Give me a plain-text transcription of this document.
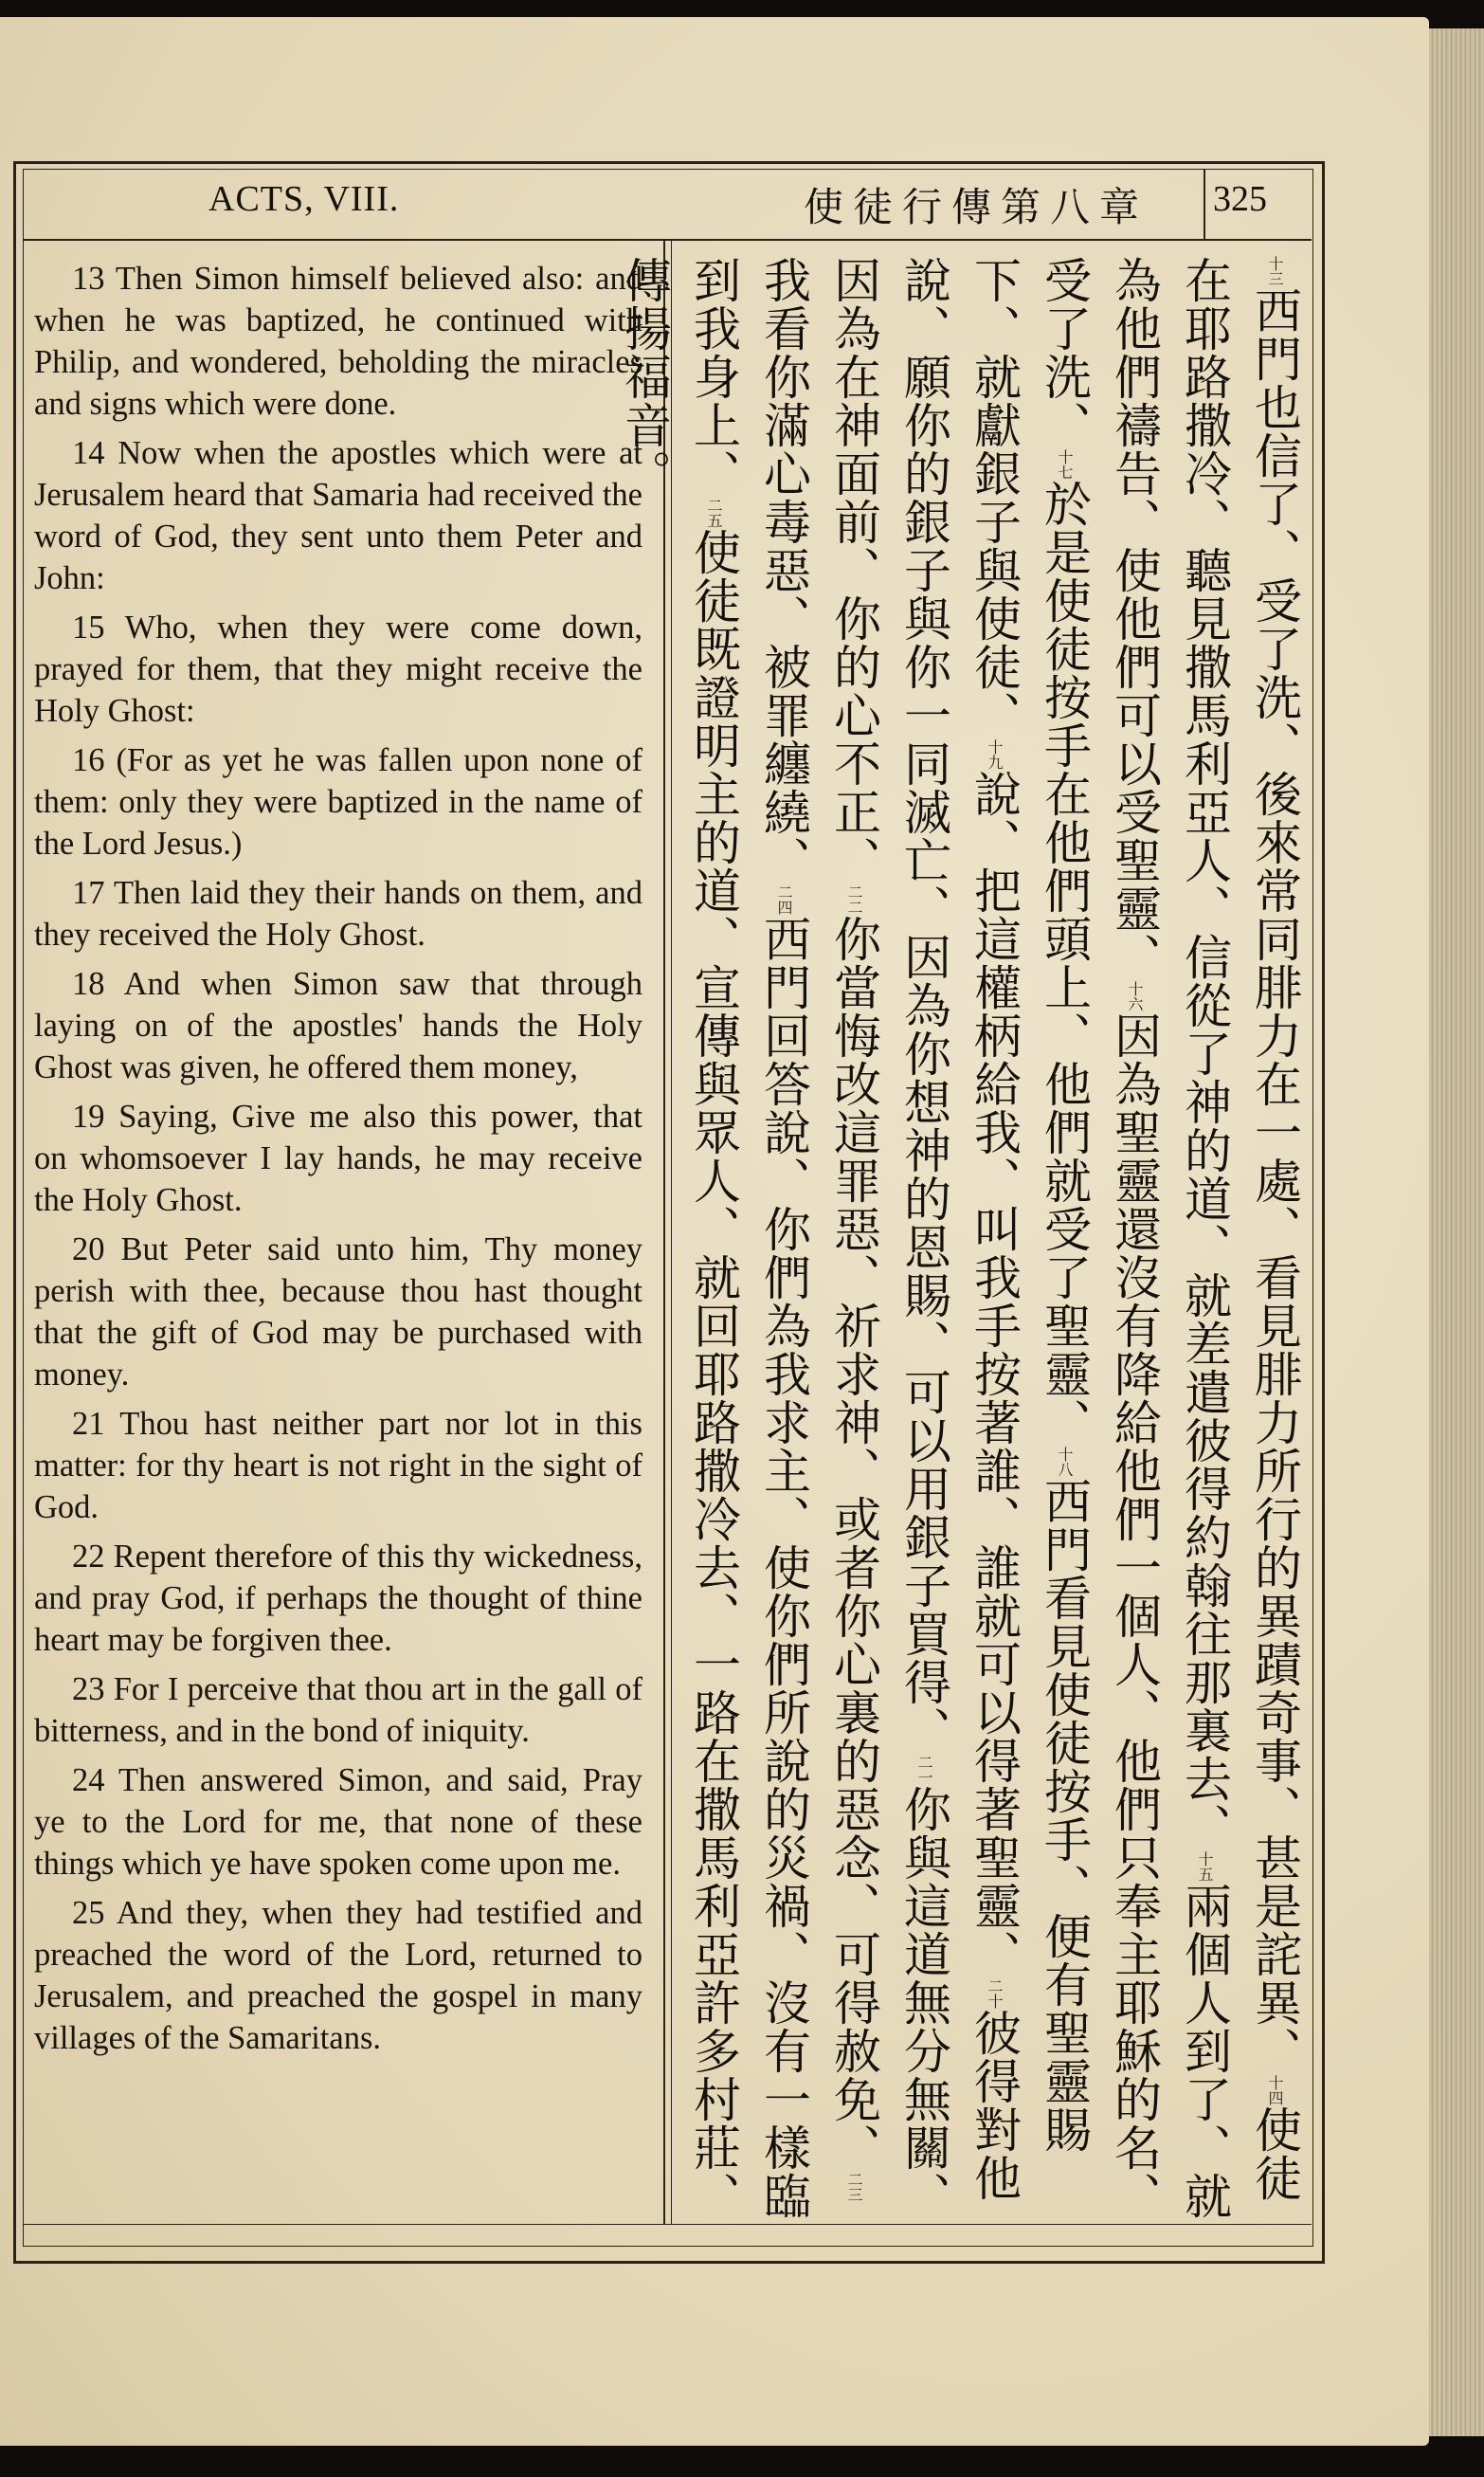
ACTS, VIII.	使徒行傳第八章 325

13 Then Simon himself believed also: and when he was baptized, he continued with Philip, and wondered, beholding the miracles and signs which were done.

14 Now when the apostles which were at Jerusalem heard that Samaria had received the word of God, they sent unto them Peter and John:

15 Who, when they were come down, prayed for them, that they might receive the Holy Ghost:

16 (For as yet he was fallen upon none of them: only they were baptized in the name of the Lord Jesus.)

17 Then laid they their hands on them, and they received the Holy Ghost.

18 And when Simon saw that through laying on of the apostles' hands the Holy Ghost was given, he offered them money,

19 Saying, Give me also this power, that on whomsoever I lay hands, he may receive the Holy Ghost.

20 But Peter said unto him, Thy money perish with thee, because thou hast thought that the gift of God may be purchased with money.

21 Thou hast neither part nor lot in this matter: for thy heart is not right in the sight of God.

22 Repent therefore of this thy wickedness, and pray God, if perhaps the thought of thine heart may be forgiven thee.

23 For I perceive that thou art in the gall of bitterness, and in the bond of iniquity.

24 Then answered Simon, and said, Pray ye to the Lord for me, that none of these things which ye have spoken come upon me.

25 And they, when they had testified and preached the word of the Lord, returned to Jerusalem, and preached the gospel in many villages of the Samaritans.

十三西門也信了、受了洗、後來常同腓力在一處、看見腓力所行的異蹟奇事、甚是詫異、十四使徒在耶路撒冷、聽見撒馬利亞人、信從了神的道、就差遣彼得約翰往那裏去、十五兩個人到了、就為他們禱告、使他們可以受聖靈、十六因為聖靈還沒有降給他們一個人、他們只奉主耶穌的名、受了洗、十七於是使徒按手在他們頭上、他們就受了聖靈、十八西門看見使徒按手、便有聖靈賜下、就獻銀子與使徒、十九說、把這權柄給我、叫我手按著誰、誰就可以得著聖靈、二十彼得對他說、願你的銀子與你一同滅亡、因為你想神的恩賜、可以用銀子買得、二一你與這道無分無關、因為在神面前、你的心不正、二二你當悔改這罪惡、祈求神、或者你心裏的惡念、可得赦免、二三我看你滿心毒惡、被罪纏繞、二四西門回答說、你們為我求主、使你們所說的災禍、沒有一樣臨到我身上、二五使徒既證明主的道、宣傳與眾人、就回耶路撒冷去、一路在撒馬利亞許多村莊、傳揚福音。
